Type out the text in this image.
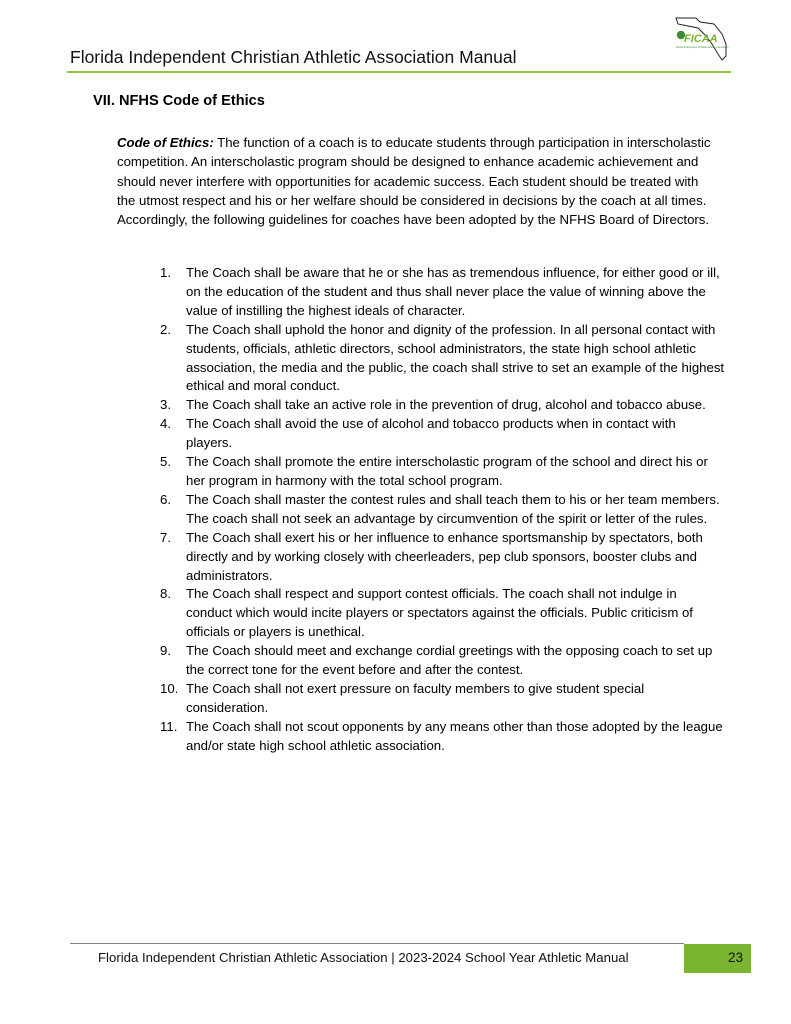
Florida Independent Christian Athletic Association Manual
FICAA
Florida Independent Christian Athletic Association
VII. NFHS Code of Ethics

Code of Ethics: The function of a coach is to educate students through participation in interscholastic competition. An interscholastic program should be designed to enhance academic achievement and should never interfere with opportunities for academic success. Each student should be treated with the utmost respect and his or her welfare should be considered in decisions by the coach at all times. Accordingly, the following guidelines for coaches have been adopted by the NFHS Board of Directors.

1.	The Coach shall be aware that he or she has as tremendous influence, for either good or ill, on the education of the student and thus shall never place the value of winning above the value of instilling the highest ideals of character.
2.	The Coach shall uphold the honor and dignity of the profession. In all personal contact with students, officials, athletic directors, school administrators, the state high school athletic association, the media and the public, the coach shall strive to set an example of the highest ethical and moral conduct.
3.	The Coach shall take an active role in the prevention of drug, alcohol and tobacco abuse.
4.	The Coach shall avoid the use of alcohol and tobacco products when in contact with players.
5.	The Coach shall promote the entire interscholastic program of the school and direct his or her program in harmony with the total school program.
6.	The Coach shall master the contest rules and shall teach them to his or her team members. The coach shall not seek an advantage by circumvention of the spirit or letter of the rules.
7.	The Coach shall exert his or her influence to enhance sportsmanship by spectators, both directly and by working closely with cheerleaders, pep club sponsors, booster clubs and administrators.
8.	The Coach shall respect and support contest officials. The coach shall not indulge in conduct which would incite players or spectators against the officials. Public criticism of officials or players is unethical.
9.	The Coach should meet and exchange cordial greetings with the opposing coach to set up the correct tone for the event before and after the contest.
10. The Coach shall not exert pressure on faculty members to give student special consideration.
11. The Coach shall not scout opponents by any means other than those adopted by the league and/or state high school athletic association.
Florida Independent Christian Athletic Association | 2023-2024 School Year Athletic Manual	23
